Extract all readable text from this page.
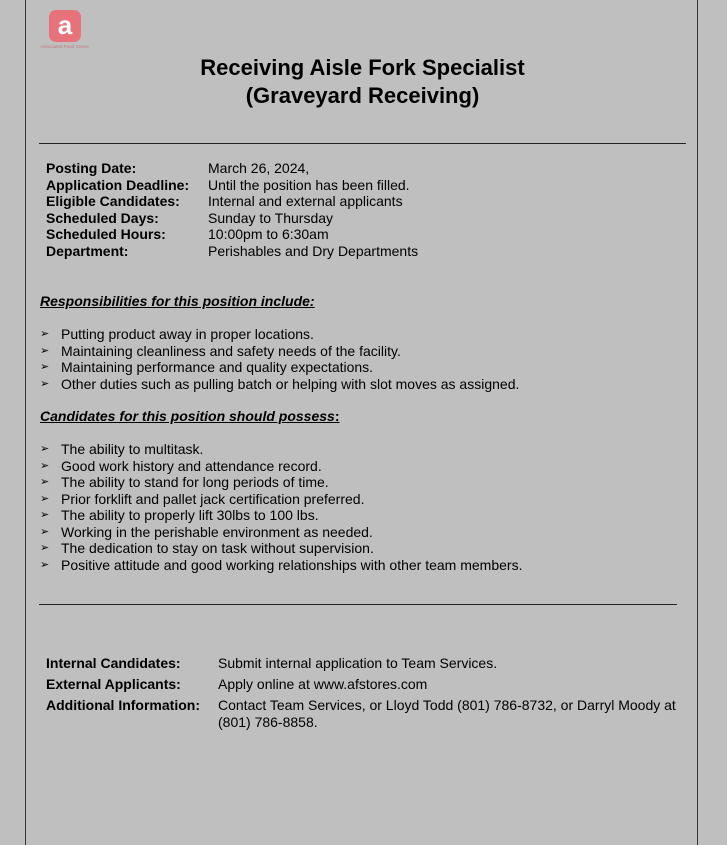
a
Associated Food Stores
Receiving Aisle Fork Specialist
(Graveyard Receiving)
Posting Date:	March 26, 2024,
Application Deadline:	Until the position has been filled.
Eligible Candidates:	Internal and external applicants
Scheduled Days:	Sunday to Thursday
Scheduled Hours:	10:00pm to 6:30am
Department:	Perishables and Dry Departments
Responsibilities for this position include:
➢ Putting product away in proper locations.
➢ Maintaining cleanliness and safety needs of the facility.
➢ Maintaining performance and quality expectations.
➢ Other duties such as pulling batch or helping with slot moves as assigned.
Candidates for this position should possess:
➢ The ability to multitask.
➢ Good work history and attendance record.
➢ The ability to stand for long periods of time.
➢ Prior forklift and pallet jack certification preferred.
➢ The ability to properly lift 30lbs to 100 lbs.
➢ Working in the perishable environment as needed.
➢ The dedication to stay on task without supervision.
➢ Positive attitude and good working relationships with other team members.
Internal Candidates:	Submit internal application to Team Services.
External Applicants:	Apply online at www.afstores.com
Additional Information:	Contact Team Services, or Lloyd Todd (801) 786-8732, or Darryl Moody at (801) 786-8858.
